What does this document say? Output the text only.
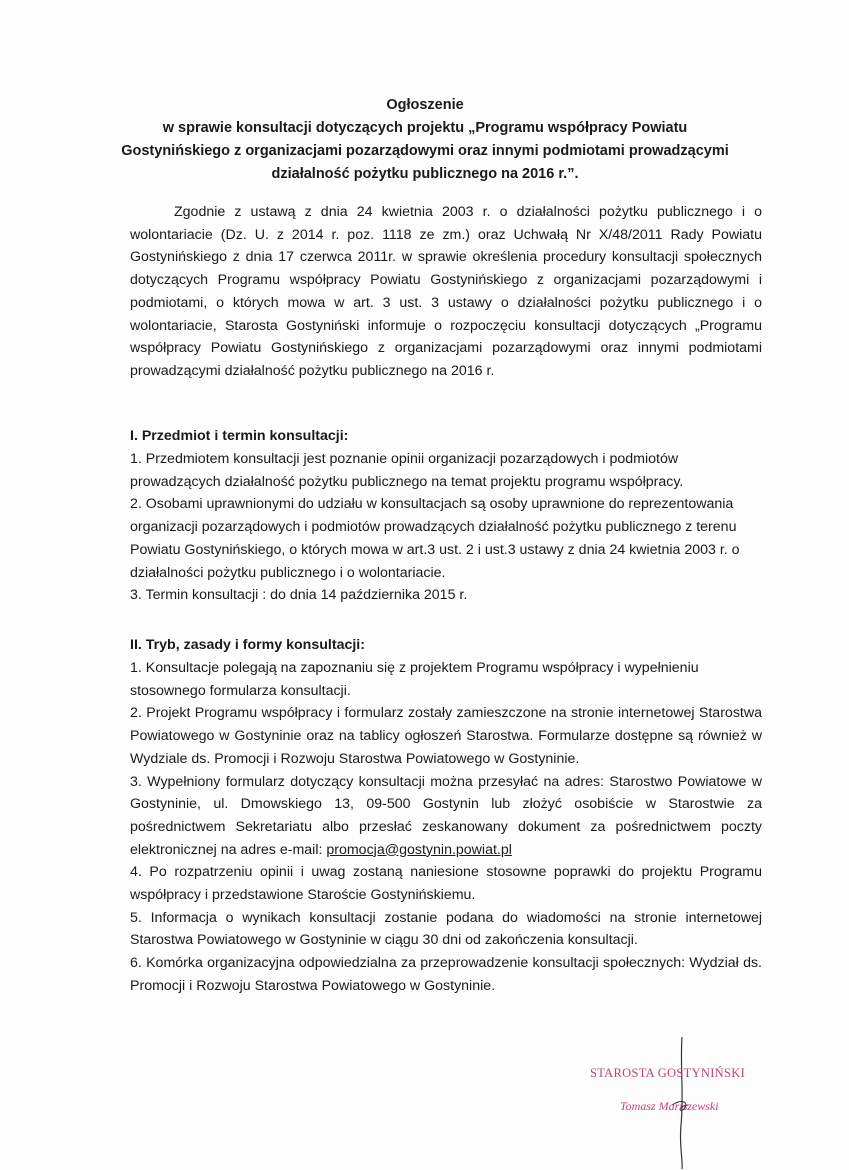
Ogłoszenie
w sprawie konsultacji dotyczących projektu „Programu współpracy Powiatu
Gostynińskiego z organizacjami pozarządowymi oraz innymi podmiotami prowadzącymi
działalność pożytku publicznego na 2016 r.”.
Zgodnie z ustawą z dnia 24 kwietnia 2003 r. o działalności pożytku publicznego i o wolontariacie (Dz. U. z 2014 r. poz. 1118 ze zm.) oraz Uchwałą Nr X/48/2011 Rady Powiatu Gostynińskiego z dnia 17 czerwca 2011r. w sprawie określenia procedury konsultacji społecznych dotyczących Programu współpracy Powiatu Gostynińskiego z organizacjami pozarządowymi i podmiotami, o których mowa w art. 3 ust. 3 ustawy o działalności pożytku publicznego i o wolontariacie, Starosta Gostyniński informuje o rozpoczęciu konsultacji dotyczących „Programu współpracy Powiatu Gostynińskiego z organizacjami pozarządowymi oraz innymi podmiotami prowadzącymi działalność pożytku publicznego na 2016 r.
I. Przedmiot i termin konsultacji:

1. Przedmiotem konsultacji jest poznanie opinii organizacji pozarządowych i podmiotów prowadzących działalność pożytku publicznego na temat projektu programu współpracy.

2. Osobami uprawnionymi do udziału w konsultacjach są osoby uprawnione do reprezentowania organizacji pozarządowych i podmiotów prowadzących działalność pożytku publicznego z terenu Powiatu Gostynińskiego, o których mowa w art.3 ust. 2 i ust.3 ustawy z dnia 24 kwietnia 2003 r. o działalności pożytku publicznego i o wolontariacie.

3. Termin konsultacji : do dnia 14 października 2015 r.

II. Tryb, zasady i formy konsultacji:

1. Konsultacje polegają na zapoznaniu się z projektem Programu współpracy i wypełnieniu stosownego formularza konsultacji.

2. Projekt Programu współpracy i formularz zostały zamieszczone na stronie internetowej Starostwa Powiatowego w Gostyninie oraz na tablicy ogłoszeń Starostwa. Formularze dostępne są również w Wydziale ds. Promocji i Rozwoju Starostwa Powiatowego w Gostyninie.

3. Wypełniony formularz dotyczący konsultacji można przesyłać na adres: Starostwo Powiatowe w Gostyninie, ul. Dmowskiego 13, 09-500 Gostynin lub złożyć osobiście w Starostwie za pośrednictwem Sekretariatu albo przesłać zeskanowany dokument za pośrednictwem poczty elektronicznej na adres e-mail: promocja@gostynin.powiat.pl

4. Po rozpatrzeniu opinii i uwag zostaną naniesione stosowne poprawki do projektu Programu współpracy i przedstawione Staroście Gostynińskiemu.

5. Informacja o wynikach konsultacji zostanie podana do wiadomości na stronie internetowej Starostwa Powiatowego w Gostyninie w ciągu 30 dni od zakończenia konsultacji.

6. Komórka organizacyjna odpowiedzialna za przeprowadzenie konsultacji społecznych: Wydział ds. Promocji i Rozwoju Starostwa Powiatowego w Gostyninie.

STAROSTA GOSTYNIŃSKI
Tomasz Mariszewski
